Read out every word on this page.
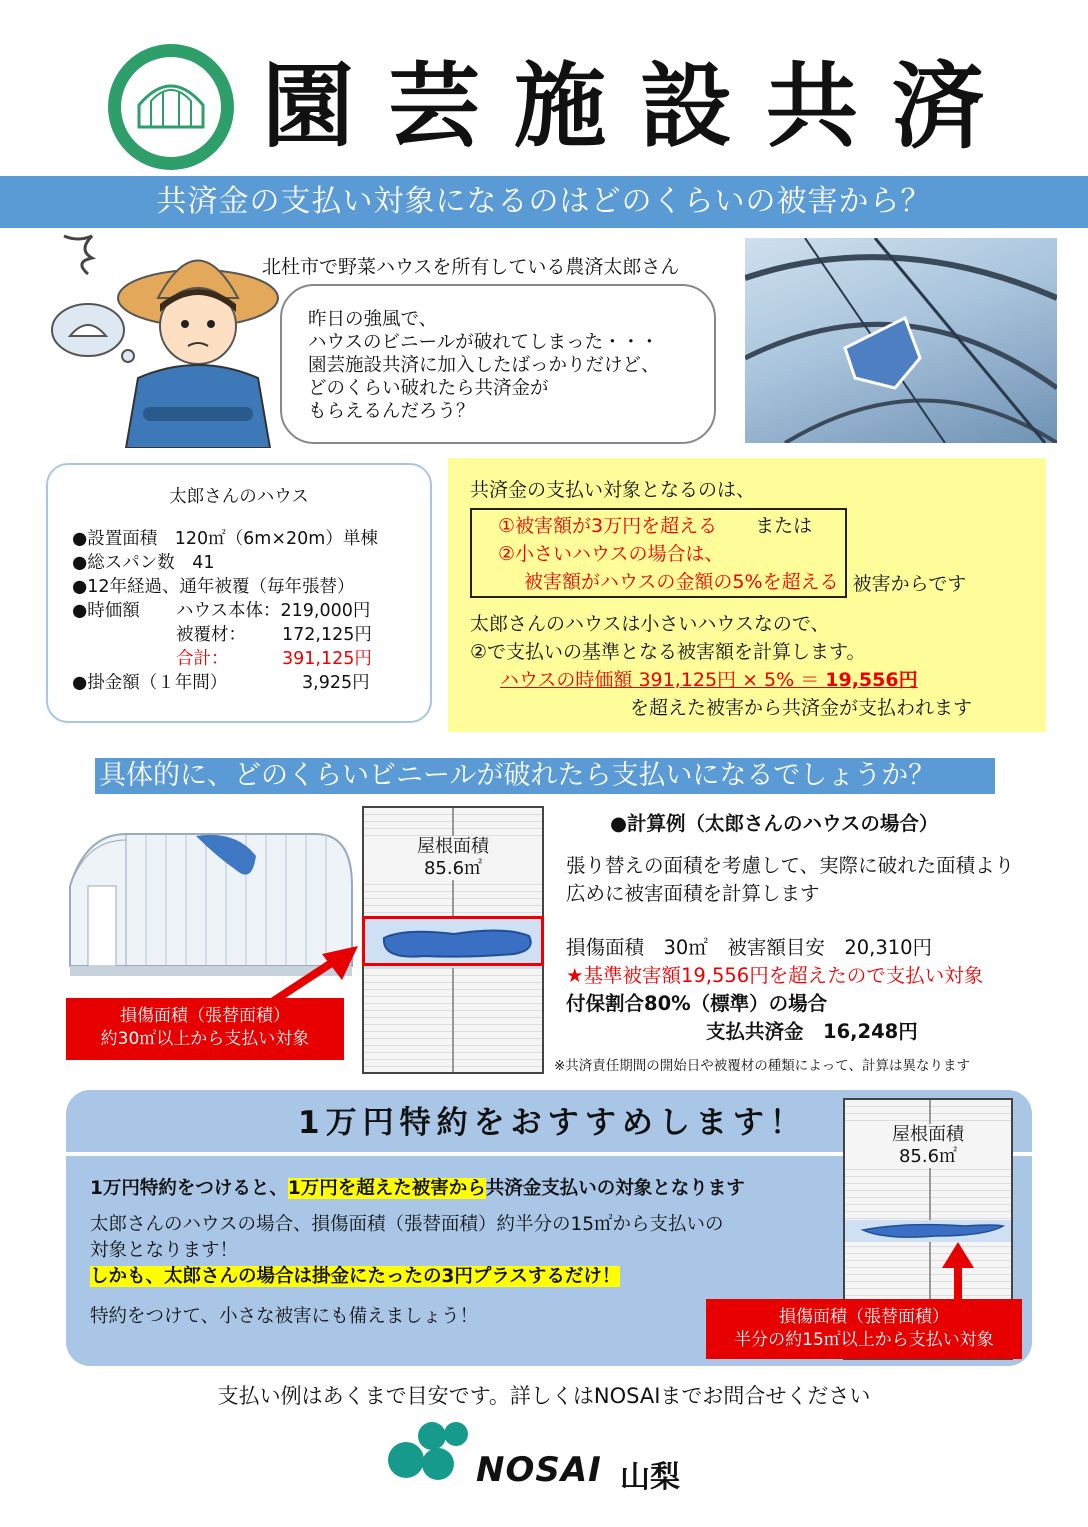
園芸施設共済
共済金の支払い対象になるのはどのくらいの被害から？
北杜市で野菜ハウスを所有している農済太郎さん
昨日の強風で、
ハウスのビニールが破れてしまった・・・
園芸施設共済に加入したばっかりだけど、
どのくらい破れたら共済金が
もらえるんだろう？
太郎さんのハウス
●設置面積　120㎡（6m×20m）単棟
●総スパン数　41
●12年経過、通年被覆（毎年張替）
●時価額	ハウス本体： 219,000円
被覆材：	172,125円
合計：	391,125円
●掛金額（１年間）	3,925円
共済金の支払い対象となるのは、
①被害額が3万円を超える　　 または
②小さいハウスの場合は、
被害額がハウスの金額の5%を超える 被害からです
太郎さんのハウスは小さいハウスなので、
②で支払いの基準となる被害額を計算します。
ハウスの時価額 391,125円 × 5% ＝ 19,556円
を超えた被害から共済金が支払われます
具体的に、どのくらいビニールが破れたら支払いになるでしょうか？
屋根面積
85.6㎡
損傷面積（張替面積）
約30㎡以上から支払い対象
●計算例（太郎さんのハウスの場合）
張り替えの面積を考慮して、実際に破れた面積より
広めに被害面積を計算します
損傷面積　30㎡　被害額目安　20,310円
★基準被害額19,556円を超えたので支払い対象
付保割合80%（標準）の場合
支払共済金　16,248円
※共済責任期間の開始日や被覆材の種類によって、計算は異なります
1万円特約をおすすめします！
1万円特約をつけると、1万円を超えた被害から共済金支払いの対象となります
太郎さんのハウスの場合、損傷面積（張替面積）約半分の15㎡から支払いの
対象となります！
しかも、太郎さんの場合は掛金にたったの3円プラスするだけ！
特約をつけて、小さな被害にも備えましょう！
屋根面積
85.6㎡
損傷面積（張替面積）
半分の約15㎡以上から支払い対象
支払い例はあくまで目安です。詳しくはNOSAIまでお問合せください
NOSAI 山梨
